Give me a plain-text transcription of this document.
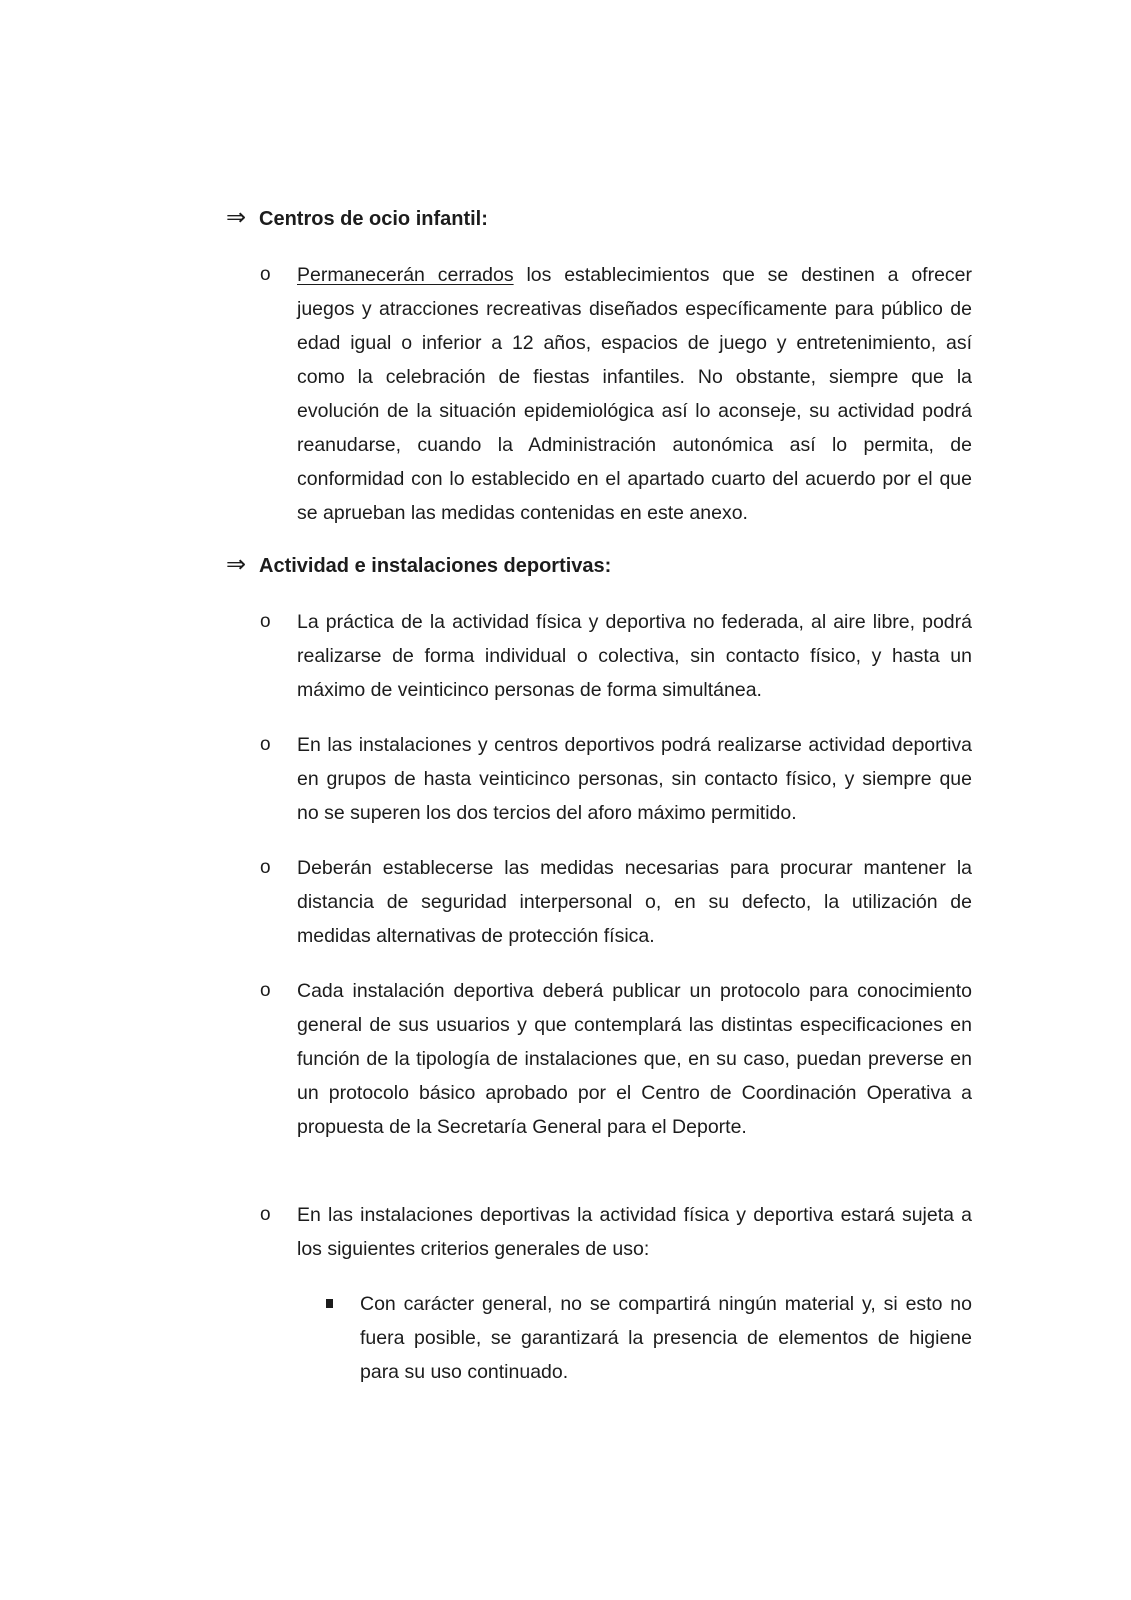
⇒ Centros de ocio infantil:
o	Permanecerán cerrados los establecimientos que se destinen a ofrecer juegos y atracciones recreativas diseñados específicamente para público de edad igual o inferior a 12 años, espacios de juego y entretenimiento, así como la celebración de fiestas infantiles. No obstante, siempre que la evolución de la situación epidemiológica así lo aconseje, su actividad podrá reanudarse, cuando la Administración autonómica así lo permita, de conformidad con lo establecido en el apartado cuarto del acuerdo por el que se aprueban las medidas contenidas en este anexo.
⇒ Actividad e instalaciones deportivas:
o	La práctica de la actividad física y deportiva no federada, al aire libre, podrá realizarse de forma individual o colectiva, sin contacto físico, y hasta un máximo de veinticinco personas de forma simultánea.
o	En las instalaciones y centros deportivos podrá realizarse actividad deportiva en grupos de hasta veinticinco personas, sin contacto físico, y siempre que no se superen los dos tercios del aforo máximo permitido.
o	Deberán establecerse las medidas necesarias para procurar mantener la distancia de seguridad interpersonal o, en su defecto, la utilización de medidas alternativas de protección física.
o	Cada instalación deportiva deberá publicar un protocolo para conocimiento general de sus usuarios y que contemplará las distintas especificaciones en función de la tipología de instalaciones que, en su caso, puedan preverse en un protocolo básico aprobado por el Centro de Coordinación Operativa a propuesta de la Secretaría General para el Deporte.
o	En las instalaciones deportivas la actividad física y deportiva estará sujeta a los siguientes criterios generales de uso:
Con carácter general, no se compartirá ningún material y, si esto no fuera posible, se garantizará la presencia de elementos de higiene para su uso continuado.
